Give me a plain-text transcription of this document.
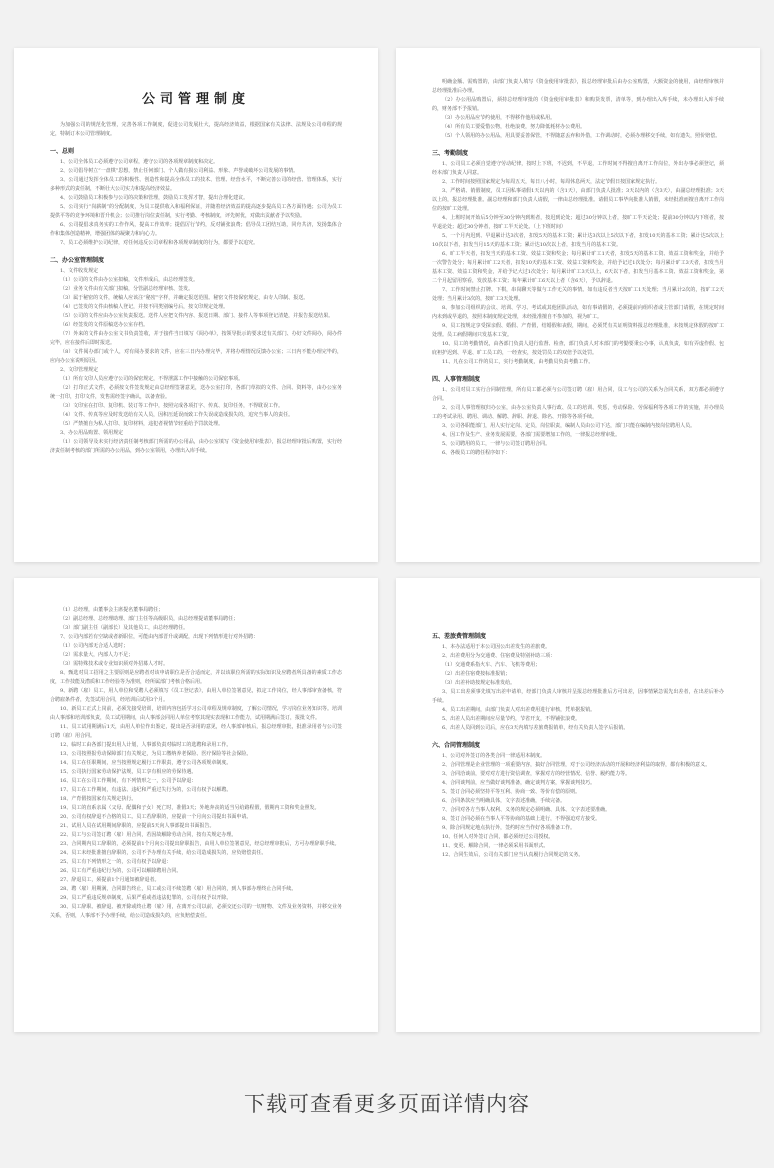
公司管理制度

为加强公司的规范化管理，完善各项工作制度，促进公司发展壮大，提高经济效益，根据国家有关法律、法规及公司章程的规定，特制订本公司管理制度。

一、总则

1、公司全体员工必须遵守公司章程，遵守公司的各项规章制度和决定。

2、公司倡导树立“一盘棋”思想，禁止任何部门、个人做有损公司利益、形象、声誉或破坏公司发展的事情。

3、公司通过发挥全体员工的积极性、创造性和提高全体员工的技术、管理、经营水平，不断完善公司的经营、管理体系，实行多种形式的责任制，不断壮大公司实力和提高经济效益。

4、公司鼓励员工积极参与公司的决策和管理，鼓励员工发挥才智，提出合理化建议。

5、公司实行“岗薪制”的分配制度，为员工提供收入和福利保证，并随着经济效益的提高逐步提高员工各方面待遇；公司为员工提供平等的竞争环境和晋升机会；公司推行岗位责任制，实行考勤、考核制度，评先树优，对做出贡献者予以奖励。

6、公司提倡求真务实的工作作风，提高工作效率；提倡厉行节约，反对铺张浪费；倡导员工团结互助，同舟共济，发扬集体合作和集体创造精神，增强团体的凝聚力和向心力。

7、员工必须维护公司纪律，对任何违反公司章程和各项规章制度的行为，都要予以追究。

二、办公室管理制度

1、文件收发规定

（1）公司的文件由办公室拟稿，文件形成后，由总经理签发。

（2）业务文件由有关部门拟稿，分管副总经理审核、签发。

（3）属于秘密的文件，统稿人应该注“秘密”字样，并确定报送范围。秘密文件按保密规定，由专人印制、报送。

（4）已签发的文件由核稿人登记，并按不同类别编号后，按文印规定处理。

（5）公司的文件应由办公室负责报送。送件人应把文件内容、报送日期、部门、接件人等事项登记清楚，并报告报送结果。

（6）经签发的文件原稿送办公室存档。

（7）外来的文件由办公室文书负责签收，并于接件当日填写《阅办单》，按领导批示的要求送有关部门、办好文件阅办，阅办件完毕，应在接件后即时报送。

（8）文件阅办部门或个人，对有阅办要求的文件，应在三日内办理完毕，并将办理情况反馈办公室；三日内不能办理完毕的，应向办公室说明原因。

2、文印管理规定

（1）所有文印人员应遵守公司的保密规定，不得泄露工作中接触的公司保密事项。

（2）打印正式文件，必须按文件签发规定由总经理签署意见，送办公室打印，各部门草拟的文件、合同、资料等，由办公室务统一打印，打印文件，发售需经签字确认，以备查验。

（3）文印室在打印、复印机、装订等工作中，按照完成各项打字、传真、复印任务，不得耽误工作。

（4）文件、传真等应及时发送给有关人员，因积压延误而致工作失误或造成损失的，追究当事人的责任。

（5）严禁擅自为私人打印、复印材料，违犯者视情节轻重给予罚款处理。

3、办公用品购置、领用规定

（1）公司领导及未实行经济责任制考核部门所需的办公用品，由办公室填写《资金使用审批表》，报总经理审批后购置，实行经济责任制考核的部门所需的办公用品，到办公室领用，办理出入库手续。

明确金额、需购置的，由部门负责人填写《资金使用审批表》，报总经理审批后由办公室购置，大额资金的使用，由经理审核并总经理批准后办理。

（2）办公用品购置后，须持总经理审批的《资金使用审批表》和购货发票，清单等，到办理出入库手续，未办理出入库手续的，财务部不予报销。

（3）办公用品应节约使用，不得移作他用或私用。

（4）所有员工要爱惜公物，杜绝浪费，努力降低耗材办公费用。

（5）个人领用的办公用品，用具要妥善保管，不得随意丢弃和外借，工作调动时，必须办理移交手续，如有遗失，照价赔偿。

三、考勤制度

1、公司员工必须自觉遵守劳动纪律，按时上下班，不迟到，不早退，工作时间不得擅自离开工作岗位，外出办事必须登记，须经本部门负责人同意。

2、工作时间按照国家规定为每周五天，每日八小时，每周休息两天，法定节假日按国家规定执行。

3、严格请、销假制度，员工因私事请假1天以内的（含1天），由部门负责人批准；3天以内的（含3天），由副总经理批准；3天以上的，报总经理批准。副总经理和部门负责人请假，一律由总经理批准。请假员工事毕向批准人销假，未经批准而擅自离开工作岗位的按旷工处理。

4、上班时间开始后5分钟至30分钟内到班者，按迟到论处；超过30分钟以上者，按旷工半天论处；提前30分钟以内下班者，按早退论处；超过30分钟者，按旷工半天论处。（上下班时间）

5、一个月内迟到、早退累计达3次者，扣发5天的基本工资；累计达3次以上5次以下者，扣发10天的基本工资；累计达5次以上10次以下者，扣发当月15天的基本工资；累计达10次以上者，扣发当月的基本工资。

6、旷工半天者，扣发当天的基本工资、效益工资和奖金；每月累计旷工1天者，扣发5天的基本工资、效益工资和奖金，并给予一次警告处分；每月累计旷工2天者，扣发10天的基本工资、效益工资和奖金，并给予记过1次处分；每月累计旷工3天者，扣发当月基本工资、效益工资和奖金，并给予记大过1次处分；每月累计旷工3天以上，6天以下者，扣发当月基本工资、效益工资和奖金，第二个月起留用察看，发放基本工资；每年累计旷工6天以上者（含6天），予以辞退。

7、工作时间禁止打牌、下棋，串岗聊天等做与工作无关的事情。如有违反者当天按旷工1天处理；当月累计2次的，按旷工2天处理；当月累计3次的，按旷工3天处理。

8、参加公司组织的会议、培训、学习、考试或其他团队活动，如有事请假的，必须提前向组织者或主管部门请假，在规定时间内未到或早退的，按照本制度规定处理，未经批准擅自不参加的，视为旷工。

9、员工按规定享受探亲假、婚假、产育假，结婚假和丧假，期间，必须凭有关证明资料报总经理批准，未按规定休假的按旷工处理。员工病假期间只发基本工资。

10、员工的考勤情况，由各部门负责人进行监督、检查，部门负责人对本部门的考勤要秉公办事，认真负责，如有弄虚作假、包庇袒护迟到、早退、旷工员工的，一经查实，按处罚员工的双倍予以处罚。

11、凡在公司工作的员工，实行考勤制度，由考勤员负责考勤工作。

四、人事管理制度

1、公司对员工实行合同制管理，所有员工都必须与公司签订聘（雇）用合同，员工与公司的关系为合同关系，双方都必须遵守合同。

2、公司人事管理权归办公室，由办公室负责人事行政、员工的培训、奖惩，劳动保险、劳保福利等各项工作的实施，并办理员工的考试录用、聘用、调动、解聘、辞职、辞退、除名、开除等各项手续。

3、公司各职能部门，用人实行定岗、定员，岗位职责，编制人员由公司下达，部门只能在编制内按岗位聘用人员。

4、因工作及生产、业务发展需要，各部门需要增加工作的，一律报总经理审批。

5、公司聘用的员工，一律与公司签订聘用合同。

6、各级员工的聘任程序如下：

（1）总经理，由董事会主席提名董事局聘任；

（2）副总经理、总经理助理、部门主任等高级职员，由总经理提请董事局聘任；

（3）部门副主任（副部长）及其他员工，由总经理聘任。

7、公司内部若有空缺或者新职位，可能由内部晋升或调配，出现下列情形进行对外招聘：

（1）公司内部无合适人选时；

（2）需求量大，内部人力不足；

（3）需特殊技术或专业知识须对外招募人才时。

8、甄选对员工招用之主要原则是应聘者对该申请职位是否合适而定，并以该职位所需的实际知识及应聘者所具备的素质工作态度，工作技能及潜质和工作经验等为准则，经所属部门考核合格后用。

9、新聘（雇）员工，用人单位和受聘人必须填写《员工登记表》，由用人单位签署意见，拟定工作岗位，经人事部审查备核，符合聘雇条件者，先签试用合同，经培训后试用3个月。

10、新员工正式上岗前，必须先接受培训，培训内容包括学习公司章程及规章制度，了解公司情况，学习岗位业务知识等。培训由人事部和培训部负责，员工试用期间，由人事部会同用人单位考察其现实表现和工作能力，试用期满后签订，报批文件。

11、员工试用期满后1天，由用人单位作出鉴定，提出是否录用的意见，经人事部审核后，报总经理审批，批准录用者与公司签订聘（雇）用合同。

12、临时工由各部门提出用人计划，人事部负责对临时工的选聘和录用工作。

13、公司按照报劳动保障部门有关规定，为员工缴纳养老保险、医疗保险等社会保险。

14、员工在任职期间，应当按照规定履行工作职责，遵守公司各项规章制度。

15、公司执行国家劳动保护法规，员工享有相应的劳保待遇。

16、员工在公司工作期间，有下列情形之一，公司予以辞退：

17、员工在工作期间，有违法、违纪和严重过失行为的，公司有权予以解聘。

18、产育假按国家有关规定执行。

19、员工的直系亲属（父母、配偶和子女）死亡时，准假3天；外地奔丧的适当另给路程假，假期内工资和奖金照发。

20、公司有权辞退不合格的员工。员工若辞职的，应提前一个月向公司提出书面申请。

21、试用人员在试用期间辞职的，应提前5天向人事部提出书面报告。

22、员工与公司签订聘（雇）用合同，若因故解除劳动合同，按有关规定办理。

23、合同期内员工辞职的，必须提前1个月向公司提出辞职报告，由用人单位签署意见，经总经理审批后，方可办理辞职手续。

24、员工未经批准擅自辞职的，公司不予办理有关手续，给公司造成损失的，应负赔偿责任。

25、员工有下列情形之一的，公司有权予以辞退：

26、员工有严重违纪行为的，公司可以解除聘用合同。

27、辞退员工，须提前1个月通知被辞退者。

28、聘（雇）用期满，合同即告终止，员工或公司不续签聘（雇）用合同的，到人事部办理终止合同手续。

29、员工严重违反规章制度，后果严重或者违法犯罪的，公司有权予以开除。

30、员工辞职、被辞退、被开除或终止聘（雇）用，在离开公司以前，必须交还公司的一切财物、文件及业务资料，并移交业务关系，否则，人事部不予办理手续，给公司造成损失的，应负赔偿责任。

五、差旅费管理制度

1、本办法适用于本公司因公出差发生的差旅费。

2、出差费用分为交通费、住宿费及特别补助三项：

（1）交通费系指火车、汽车、飞机等费用；

（2）出差住宿费按标准报销；

（3）出差补助按规定标准发给。

3、员工出差须事先填写出差申请单，经部门负责人审核并呈报总经理批准后方可出差，因事情紧急需先出差者，在出差后补办手续。

4、员工出差期间，由部门负责人对出差费用进行审核，凭单据报销。

5、出差人员出差期间应尽量节约，节省开支，不得铺张浪费。

6、出差人员回到公司后，应在3天内填写差旅费报销单，经有关负责人签字后报销。

六、合同管理制度

1、公司对外签订的各类合同一律适用本制度。

2、合同管理是企业管理的一项重要内容，搞好合同管理，对于公司经济活动的开展和经济利益的取得，都有积极的意义。

3、合同洽谈前，要对对方进行资信调查，掌握对方的经营情况、信誉、履约能力等。

4、合同谈判前，应当做好谈判准备，确定谈判方案，掌握谈判技巧。

5、签订合同必须坚持平等互利、协商一致、等价有偿的原则。

6、合同条款应当明确具体，文字表述准确，手续完备。

7、合同对各方当事人权利、义务的规定必须明确、具体、文字表述要准确。

8、签订合同必须在当事人平等协商的基础上进行，不得强迫对方接受。

9、除合同规定地点执行外，签约时应当作好各项准备工作。

10、任何人对外签订合同，都必须经过公司授权。

11、变更、解除合同，一律必须采用书面形式。

12、合同生效后，公司有关部门应当认真履行合同规定的义务。

下载可查看更多页面详情内容
